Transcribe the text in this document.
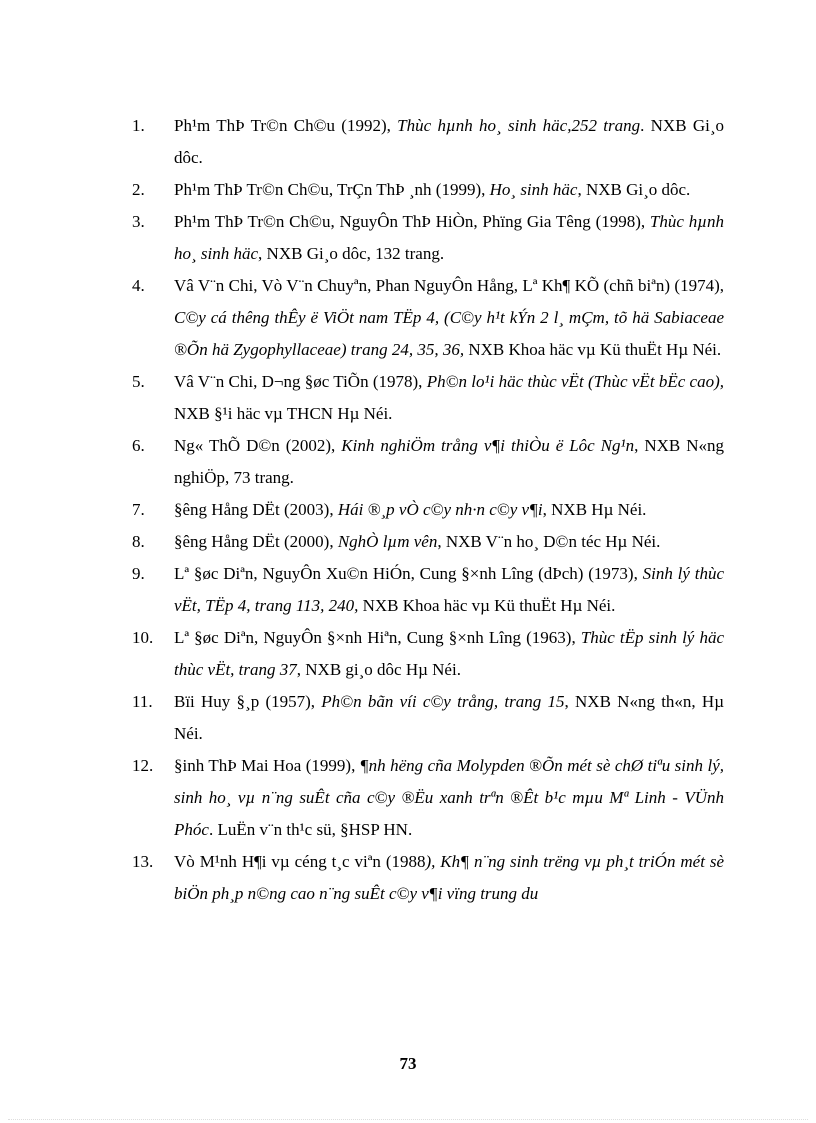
1. Ph¹m ThÞ Tr©n Ch©u (1992), Thùc hµnh ho¸ sinh häc,252 trang. NXB Gi¸o dôc.
2. Ph¹m ThÞ Tr©n Ch©u, TrÇn ThÞ ¸nh (1999), Ho¸ sinh häc, NXB Gi¸o dôc.
3. Ph¹m ThÞ Tr©n Ch©u, NguyÔn ThÞ HiÒn, Phïng Gia Têng (1998), Thùc hµnh ho¸ sinh häc, NXB Gi¸o dôc, 132 trang.
4. Vâ V¨n Chi, Vò V¨n Chuyªn, Phan NguyÔn Hång, Lª Kh¶ KÕ (chñ biªn) (1974), C©y cá thêng thÊy ë ViÖt nam TËp 4, (C©y h¹t kÝn 2 l¸ mÇm, tõ hä Sabiaceae ®Õn hä Zygophyllaceae) trang 24, 35, 36, NXB Khoa häc vµ Kü thuËt Hµ Néi.
5. Vâ V¨n Chi, D¬ng §øc TiÕn (1978), Ph©n lo¹i häc thùc vËt (Thùc vËt bËc cao), NXB §¹i häc vµ THCN Hµ Néi.
6. Ng« ThÕ D©n (2002), Kinh nghiÖm trång v¶i thiÒu ë Lôc Ng¹n, NXB N«ng nghiÖp, 73 trang.
7. §êng Hång DËt (2003), Hái ®¸p vÒ c©y nh·n c©y v¶i, NXB Hµ Néi.
8. §êng Hång DËt (2000), NghÒ lµm vên, NXB V¨n ho¸ D©n téc Hµ Néi.
9. Lª §øc Diªn, NguyÔn Xu©n HiÓn, Cung §×nh Lîng (dÞch) (1973), Sinh lý thùc vËt, TËp 4, trang 113, 240, NXB Khoa häc vµ Kü thuËt Hµ Néi.
10. Lª §øc Diªn, NguyÔn §×nh Hiªn, Cung §×nh Lîng (1963), Thùc tËp sinh lý häc thùc vËt, trang 37, NXB gi¸o dôc Hµ Néi.
11. Bïi Huy §¸p (1957), Ph©n bãn víi c©y trång, trang 15, NXB N«ng th«n, Hµ Néi.
12. §inh ThÞ Mai Hoa (1999), ¶nh hëng cña Molypden ®Õn mét sè chØ tiªu sinh lý, sinh ho¸ vµ n¨ng suÊt cña c©y ®Ëu xanh trªn ®Êt b¹c mµu Mª Linh - VÜnh Phóc. LuËn v¨n th¹c sü, §HSP HN.
13. Vò M¹nh H¶i vµ céng t¸c viªn (1988), Kh¶ n¨ng sinh trëng vµ ph¸t triÓn mét sè biÖn ph¸p n©ng cao n¨ng suÊt c©y v¶i vïng trung du
73
